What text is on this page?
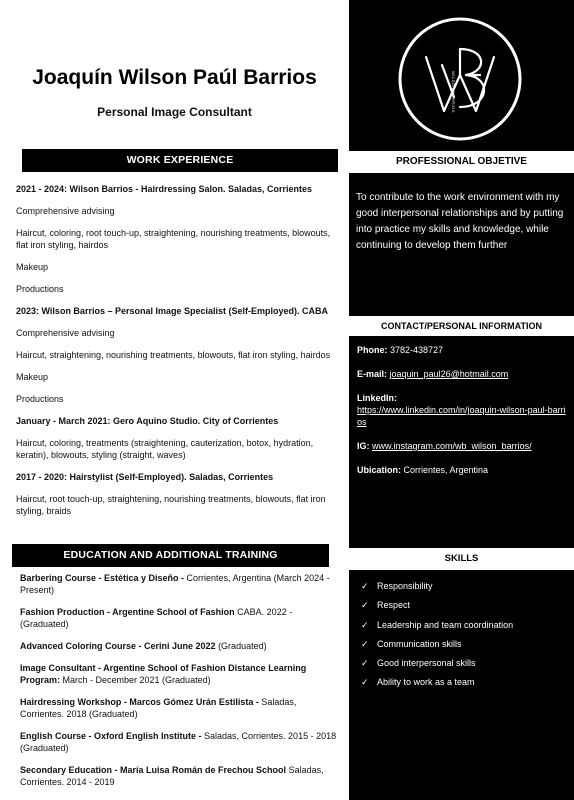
Joaquín Wilson Paúl Barrios
Personal Image Consultant
WORK EXPERIENCE
2021 - 2024: Wilson Barrios - Hairdressing Salon. Saladas, Corrientes
Comprehensive advising
Haircut, coloring, root touch-up, straightening, nourishing treatments, blowouts, flat iron styling, hairdos
Makeup
Productions
2023: Wilson Barrios – Personal Image Specialist (Self-Employed). CABA
Comprehensive advising
Haircut, straightening, nourishing treatments, blowouts, flat iron styling, hairdos
Makeup
Productions
January - March 2021: Gero Aquino Studio. City of Corrientes
Haircut, coloring, treatments (straightening, cauterization, botox, hydration, keratin), blowouts, styling (straight, waves)
2017 - 2020: Hairstylist (Self-Employed). Saladas, Corrientes
Haircut, root touch-up, straightening, nourishing treatments, blowouts, flat iron styling, braids
EDUCATION AND ADDITIONAL TRAINING
Barbering Course - Estética y Diseño - Corrientes, Argentina (March 2024 - Present)
Fashion Production - Argentine School of Fashion CABA. 2022 - (Graduated)
Advanced Coloring Course - Cerini June 2022 (Graduated)
Image Consultant - Argentine School of Fashion Distance Learning Program: March - December 2021 (Graduated)
Hairdressing Workshop - Marcos Gómez Urán Estilista - Saladas, Corrientes. 2018 (Graduated)
English Course - Oxford English Institute - Saladas, Corrientes. 2015 - 2018 (Graduated)
Secondary Education - María Luisa Román de Frechou School Saladas, Corrientes. 2014 - 2019
WILSON BARRIOS
PROFESSIONAL OBJETIVE

To contribute to the work environment with my good interpersonal relationships and by putting into practice my skills and knowledge, while continuing to develop them further

CONTACT/PERSONAL INFORMATION
Phone: 3782-438727
E-mail: joaquin_paul26@hotmail.com
LinkedIn:
https://www.linkedin.com/in/joaquin-wilson-paul-barrios
IG: www.instagram.com/wb_wilson_barrios/
Ubication: Corrientes, Argentina
SKILLS
✓ Responsibility
✓ Respect
✓ Leadership and team coordination
✓ Communication skills
✓ Good interpersonal skills
✓ Ability to work as a team
